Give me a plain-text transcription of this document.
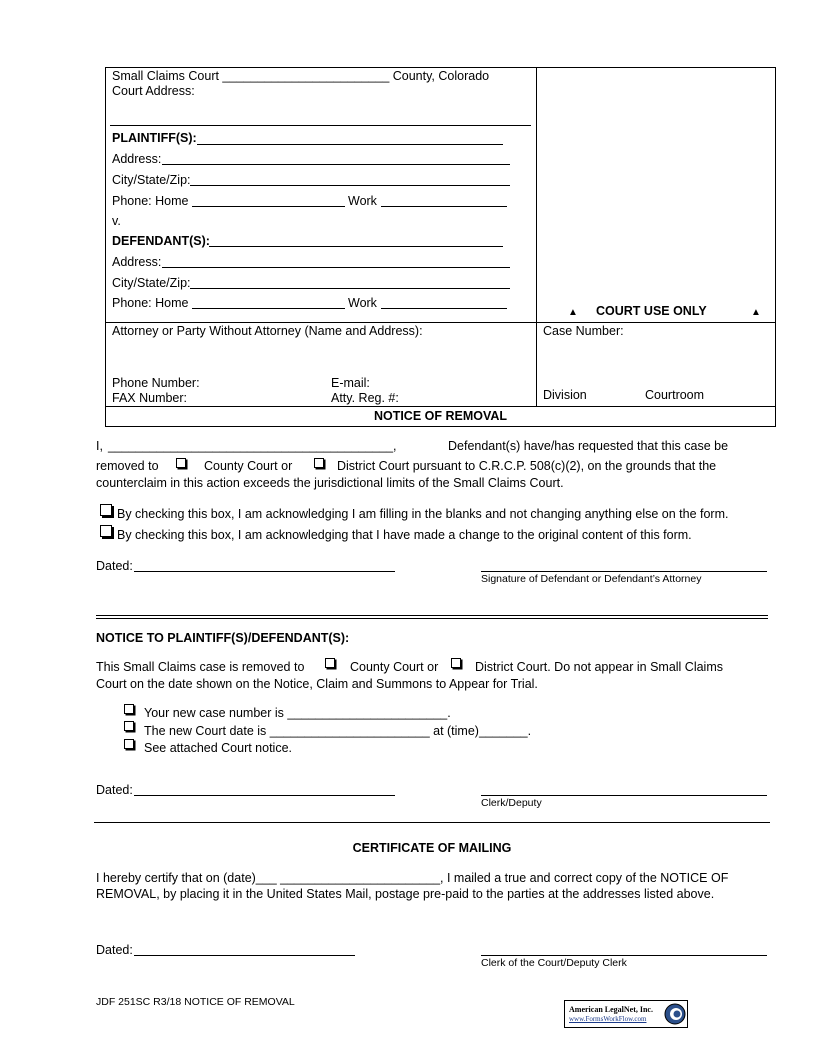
Small Claims Court ________________________ County, Colorado
Court Address:
PLAINTIFF(S):
Address:
City/State/Zip:
Phone: Home	Work
v.
DEFENDANT(S):
Address:
City/State/Zip:
Phone: Home	Work
▲ COURT USE ONLY	▲
Attorney or Party Without Attorney (Name and Address):
Phone Number:	E-mail:
FAX Number:	Atty. Reg. #:
Case Number:
Division	Courtroom
NOTICE OF REMOVAL
I, _________________________________________,	Defendant(s) have/has requested that this case be
removed to	County Court or	District Court pursuant to C.R.C.P. 508(c)(2), on the grounds that the
counterclaim in this action exceeds the jurisdictional limits of the Small Claims Court.
By checking this box, I am acknowledging I am filling in the blanks and not changing anything else on the form.
By checking this box, I am acknowledging that I have made a change to the original content of this form.
Dated:
Signature of Defendant or Defendant’s Attorney
NOTICE TO PLAINTIFF(S)/DEFENDANT(S):
This Small Claims case is removed to	County Court or	District Court. Do not appear in Small Claims
Court on the date shown on the Notice, Claim and Summons to Appear for Trial.
Your new case number is _______________________.
The new Court date is _______________________ at (time)_______.
See attached Court notice.
Dated:
Clerk/Deputy
CERTIFICATE OF MAILING
I hereby certify that on (date)___ _______________________, I mailed a true and correct copy of the NOTICE OF
REMOVAL, by placing it in the United States Mail, postage pre-paid to the parties at the addresses listed above.
Dated:
Clerk of the Court/Deputy Clerk
JDF 251SC R3/18 NOTICE OF REMOVAL
American LegalNet, Inc.
www.FormsWorkFlow.com
